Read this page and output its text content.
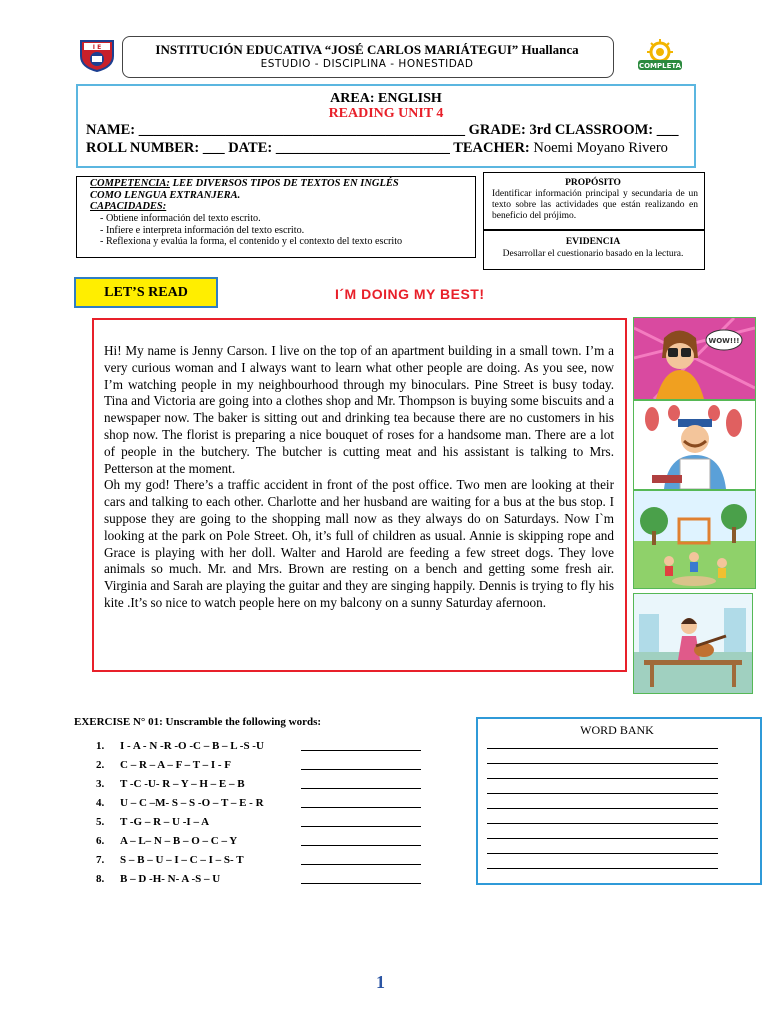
I E	INSTITUCIÓN EDUCATIVA “JOSÉ CARLOS MARIÁTEGUI” Huallanca
ESTUDIO - DISCIPLINA - HONESTIDAD	COMPLETA
AREA: ENGLISH
READING UNIT 4
NAME: _____________________________________________ GRADE: 3rd CLASSROOM: ___
ROLL NUMBER: ___ DATE: ________________________ TEACHER: Noemi Moyano Rivero
COMPETENCIA: LEE DIVERSOS TIPOS DE TEXTOS EN INGLÉS
COMO LENGUA EXTRANJERA.
CAPACIDADES:
- Obtiene información del texto escrito.
- Infiere e interpreta información del texto escrito.
- Reflexiona y evalúa la forma, el contenido y el contexto del texto escrito
PROPÓSITO
Identificar información principal y secundaria de un texto sobre las actividades que están realizando en beneficio del prójimo.
EVIDENCIA
Desarrollar el cuestionario basado en la lectura.
LET’S READ	I´M DOING MY BEST!

Hi! My name is Jenny Carson. I live on the top of an apartment building in a small town. I’m a very curious woman and I always want to learn what other people are doing. As you see, now I’m watching people in my neighbourhood through my binoculars. Pine Street is busy today. Tina and Victoria are going into a clothes shop and Mr. Thompson is buying some biscuits and a newspaper now. The baker is sitting out and drinking tea because there are no customers in his shop now. The florist is preparing a nice bouquet of roses for a handsome man. There are a lot of people in the butchery. The butcher is cutting meat and his assistant is talking to Mrs. Petterson at the moment.

Oh my god! There’s a traffic accident in front of the post office. Two men are looking at their cars and talking to each other. Charlotte and her husband are waiting for a bus at the bus stop. I suppose they are going to the shopping mall now as they always do on Saturdays. Now I`m looking at the park on Pole Street. Oh, it’s full of children as usual. Annie is skipping rope and Grace is playing with her doll. Walter and Harold are feeding a few street dogs. They love animals so much. Mr. and Mrs. Brown are resting on a bench and getting some fresh air. Virginia and Sarah are playing the guitar and they are singing happily. Dennis is trying to fly his kite .It’s so nice to watch people here on my balcony on a sunny Saturday afernoon.

WOW!!!
EXERCISE N° 01: Unscramble the following words:
1. I - A - N -R -O -C – B – L -S -U
2. C – R – A – F – T – I - F
3. T -C -U- R – Y – H – E – B
4. U – C –M- S – S -O – T – E - R
5. T -G – R – U -I – A
6. A – L– N – B – O – C – Y
7. S – B – U – I – C – I – S- T
8. B – D -H- N- A -S – U
WORD BANK
1
